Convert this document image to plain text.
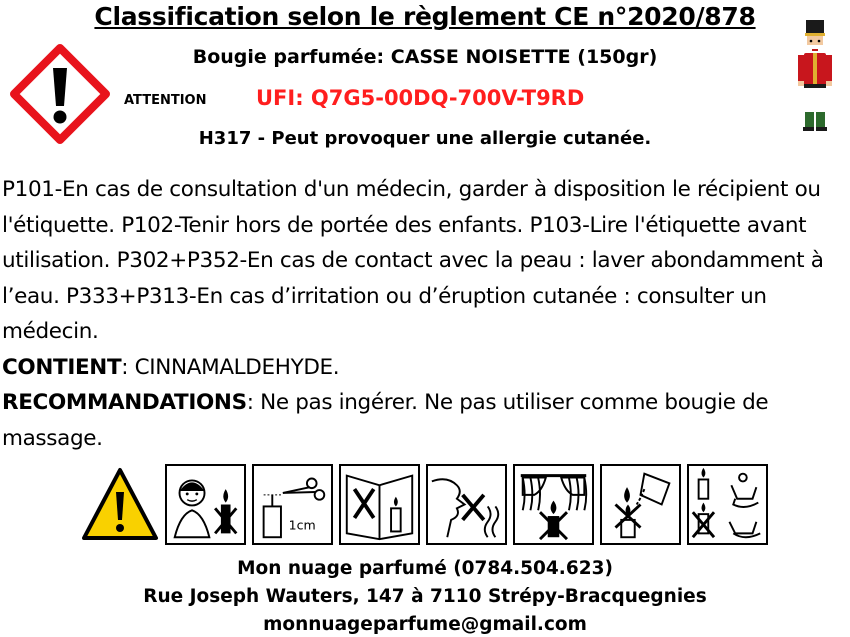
Classification selon le règlement CE n°2020/878
Bougie parfumée: CASSE NOISETTE (150gr)
ATTENTION UFI: Q7G5-00DQ-700V-T9RD
H317 - Peut provoquer une allergie cutanée.

P101-En cas de consultation d'un médecin, garder à disposition le récipient ou l'étiquette. P102-Tenir hors de portée des enfants. P103-Lire l'étiquette avant utilisation. P302+P352-En cas de contact avec la peau : laver abondamment à l’eau. P333+P313-En cas d’irritation ou d’éruption cutanée : consulter un médecin.

CONTIENT: CINNAMALDEHYDE.

RECOMMANDATIONS: Ne pas ingérer. Ne pas utiliser comme bougie de massage.

1cm
Mon nuage parfumé (0784.504.623)
Rue Joseph Wauters, 147 à 7110 Strépy-Bracquegnies
monnuageparfume@gmail.com
